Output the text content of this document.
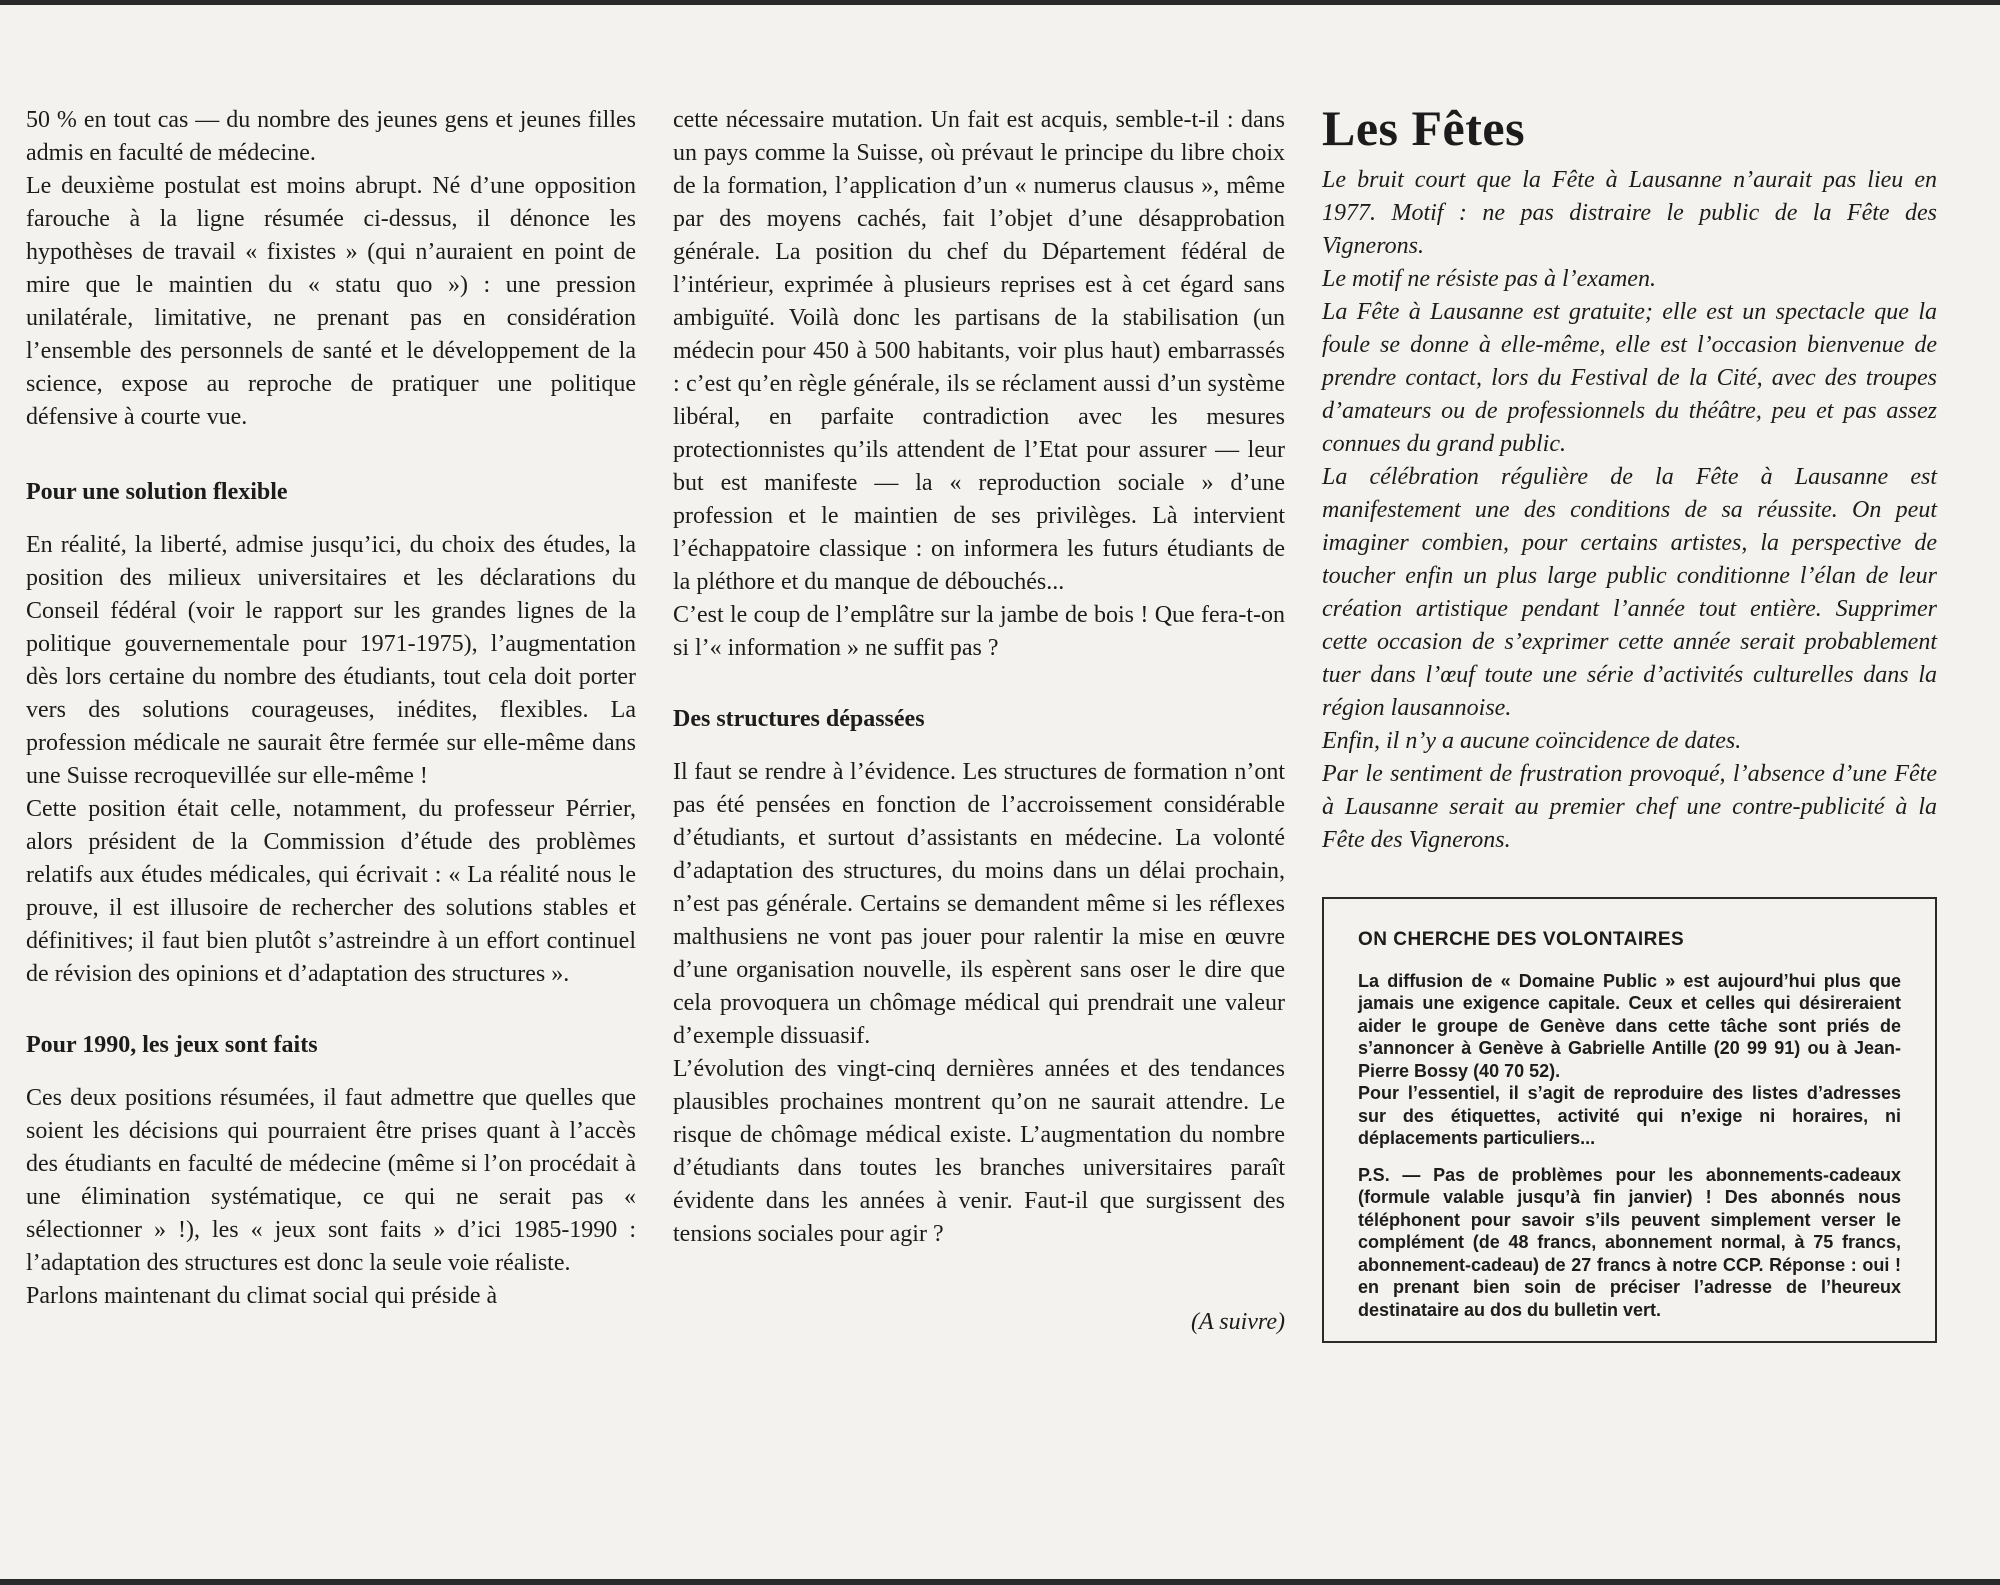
50 % en tout cas — du nombre des jeunes gens et jeunes filles admis en faculté de médecine.

Le deuxième postulat est moins abrupt. Né d’une opposition farouche à la ligne résumée ci-dessus, il dénonce les hypothèses de travail « fixistes » (qui n’auraient en point de mire que le maintien du « statu quo ») : une pression unilatérale, limitative, ne prenant pas en considération l’ensemble des personnels de santé et le développement de la science, expose au reproche de pratiquer une politique défensive à courte vue.

Pour une solution flexible

En réalité, la liberté, admise jusqu’ici, du choix des études, la position des milieux universitaires et les déclarations du Conseil fédéral (voir le rapport sur les grandes lignes de la politique gouvernementale pour 1971-1975), l’augmentation dès lors certaine du nombre des étudiants, tout cela doit porter vers des solutions courageuses, inédites, flexibles. La profession médicale ne saurait être fermée sur elle-même dans une Suisse recroquevillée sur elle-même !

Cette position était celle, notamment, du professeur Pérrier, alors président de la Commission d’étude des problèmes relatifs aux études médicales, qui écrivait : « La réalité nous le prouve, il est illusoire de rechercher des solutions stables et définitives; il faut bien plutôt s’astreindre à un effort continuel de révision des opinions et d’adaptation des structures ».

Pour 1990, les jeux sont faits

Ces deux positions résumées, il faut admettre que quelles que soient les décisions qui pourraient être prises quant à l’accès des étudiants en faculté de médecine (même si l’on procédait à une élimination systématique, ce qui ne serait pas « sélectionner » !), les « jeux sont faits » d’ici 1985-1990 : l’adaptation des structures est donc la seule voie réaliste.

Parlons maintenant du climat social qui préside à

cette nécessaire mutation. Un fait est acquis, semble-t-il : dans un pays comme la Suisse, où prévaut le principe du libre choix de la formation, l’application d’un « numerus clausus », même par des moyens cachés, fait l’objet d’une désapprobation générale. La position du chef du Département fédéral de l’intérieur, exprimée à plusieurs reprises est à cet égard sans ambiguïté. Voilà donc les partisans de la stabilisation (un médecin pour 450 à 500 habitants, voir plus haut) embarrassés : c’est qu’en règle générale, ils se réclament aussi d’un système libéral, en parfaite contradiction avec les mesures protectionnistes qu’ils attendent de l’Etat pour assurer — leur but est manifeste — la « reproduction sociale » d’une profession et le maintien de ses privilèges. Là intervient l’échappatoire classique : on informera les futurs étudiants de la pléthore et du manque de débouchés...

C’est le coup de l’emplâtre sur la jambe de bois ! Que fera-t-on si l’« information » ne suffit pas ?

Des structures dépassées

Il faut se rendre à l’évidence. Les structures de formation n’ont pas été pensées en fonction de l’accroissement considérable d’étudiants, et surtout d’assistants en médecine. La volonté d’adaptation des structures, du moins dans un délai prochain, n’est pas générale. Certains se demandent même si les réflexes malthusiens ne vont pas jouer pour ralentir la mise en œuvre d’une organisation nouvelle, ils espèrent sans oser le dire que cela provoquera un chômage médical qui prendrait une valeur d’exemple dissuasif.

L’évolution des vingt-cinq dernières années et des tendances plausibles prochaines montrent qu’on ne saurait attendre. Le risque de chômage médical existe. L’augmentation du nombre d’étudiants dans toutes les branches universitaires paraît évidente dans les années à venir. Faut-il que surgissent des tensions sociales pour agir ?

(A suivre)

Les Fêtes

Le bruit court que la Fête à Lausanne n’aurait pas lieu en 1977. Motif : ne pas distraire le public de la Fête des Vignerons.

Le motif ne résiste pas à l’examen.

La Fête à Lausanne est gratuite; elle est un spectacle que la foule se donne à elle-même, elle est l’occasion bienvenue de prendre contact, lors du Festival de la Cité, avec des troupes d’amateurs ou de professionnels du théâtre, peu et pas assez connues du grand public.

La célébration régulière de la Fête à Lausanne est manifestement une des conditions de sa réussite. On peut imaginer combien, pour certains artistes, la perspective de toucher enfin un plus large public conditionne l’élan de leur création artistique pendant l’année tout entière. Supprimer cette occasion de s’exprimer cette année serait probablement tuer dans l’œuf toute une série d’activités culturelles dans la région lausannoise.

Enfin, il n’y a aucune coïncidence de dates.

Par le sentiment de frustration provoqué, l’absence d’une Fête à Lausanne serait au premier chef une contre-publicité à la Fête des Vignerons.

ON CHERCHE DES VOLONTAIRES

La diffusion de « Domaine Public » est aujourd’hui plus que jamais une exigence capitale. Ceux et celles qui désireraient aider le groupe de Genève dans cette tâche sont priés de s’annoncer à Genève à Gabrielle Antille (20 99 91) ou à Jean-Pierre Bossy (40 70 52).

Pour l’essentiel, il s’agit de reproduire des listes d’adresses sur des étiquettes, activité qui n’exige ni horaires, ni déplacements particuliers...

P.S. — Pas de problèmes pour les abonnements-cadeaux (formule valable jusqu’à fin janvier) ! Des abonnés nous téléphonent pour savoir s’ils peuvent simplement verser le complément (de 48 francs, abonnement normal, à 75 francs, abonnement-cadeau) de 27 francs à notre CCP. Réponse : oui ! en prenant bien soin de préciser l’adresse de l’heureux destinataire au dos du bulletin vert.
